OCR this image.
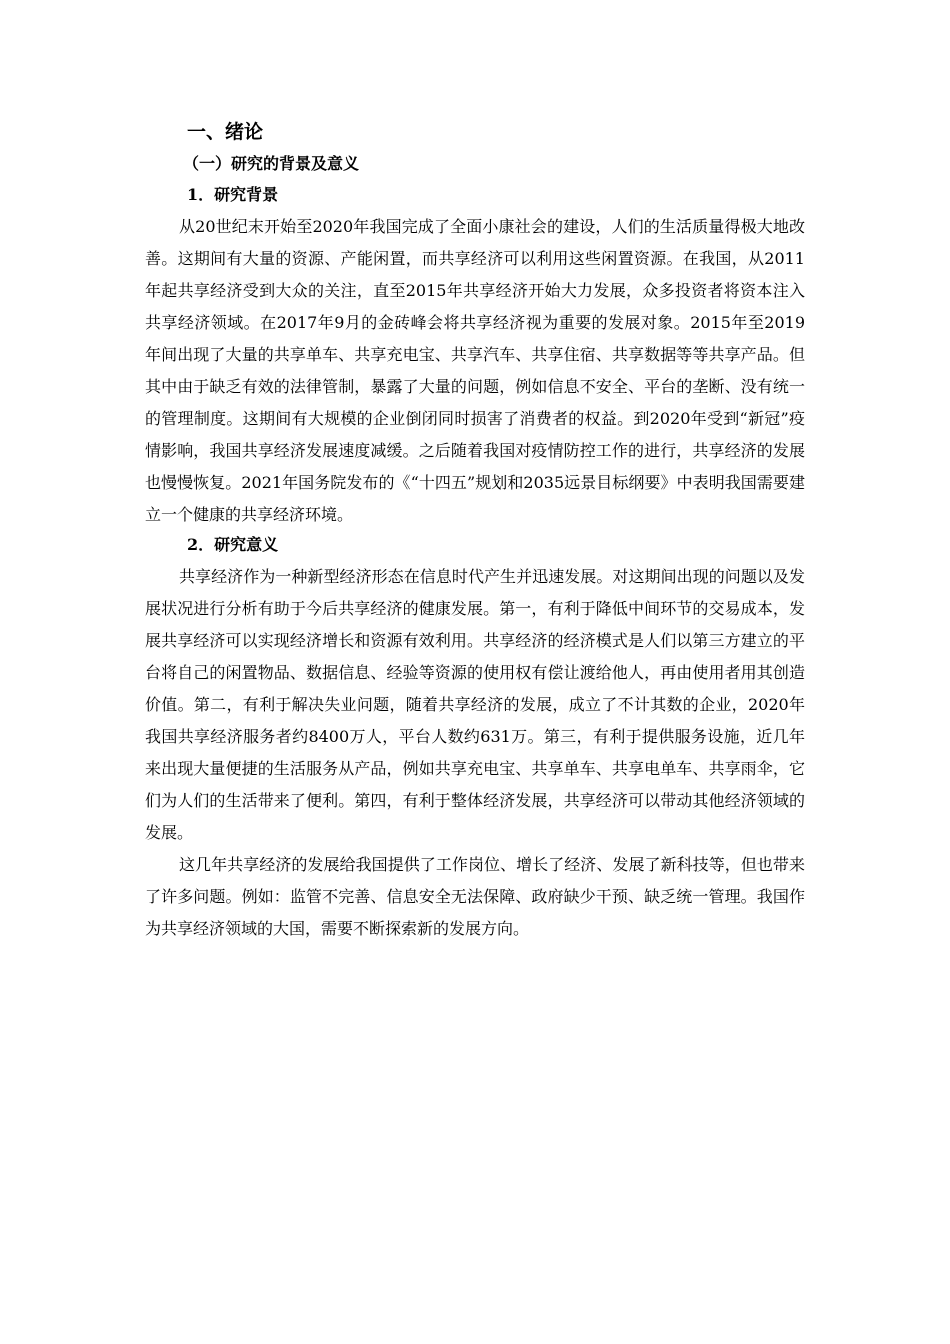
一、绪论
（一）研究的背景及意义
1．研究背景

从20世纪末开始至2020年我国完成了全面小康社会的建设，人们的生活质量得极大地改善。这期间有大量的资源、产能闲置，而共享经济可以利用这些闲置资源。在我国，从2011年起共享经济受到大众的关注，直至2015年共享经济开始大力发展，众多投资者将资本注入共享经济领域。在2017年9月的金砖峰会将共享经济视为重要的发展对象。2015年至2019年间出现了大量的共享单车、共享充电宝、共享汽车、共享住宿、共享数据等等共享产品。但其中由于缺乏有效的法律管制，暴露了大量的问题，例如信息不安全、平台的垄断、没有统一的管理制度。这期间有大规模的企业倒闭同时损害了消费者的权益。到2020年受到“新冠”疫情影响，我国共享经济发展速度减缓。之后随着我国对疫情防控工作的进行，共享经济的发展也慢慢恢复。2021年国务院发布的《“十四五”规划和2035远景目标纲要》中表明我国需要建立一个健康的共享经济环境。

2．研究意义

共享经济作为一种新型经济形态在信息时代产生并迅速发展。对这期间出现的问题以及发展状况进行分析有助于今后共享经济的健康发展。第一，有利于降低中间环节的交易成本，发展共享经济可以实现经济增长和资源有效利用。共享经济的经济模式是人们以第三方建立的平台将自己的闲置物品、数据信息、经验等资源的使用权有偿让渡给他人，再由使用者用其创造价值。第二，有利于解决失业问题，随着共享经济的发展，成立了不计其数的企业，2020年我国共享经济服务者约8400万人，平台人数约631万。第三，有利于提供服务设施，近几年来出现大量便捷的生活服务从产品，例如共享充电宝、共享单车、共享电单车、共享雨伞，它们为人们的生活带来了便利。第四，有利于整体经济发展，共享经济可以带动其他经济领域的发展。

这几年共享经济的发展给我国提供了工作岗位、增长了经济、发展了新科技等，但也带来了许多问题。例如：监管不完善、信息安全无法保障、政府缺少干预、缺乏统一管理。我国作为共享经济领域的大国，需要不断探索新的发展方向。
